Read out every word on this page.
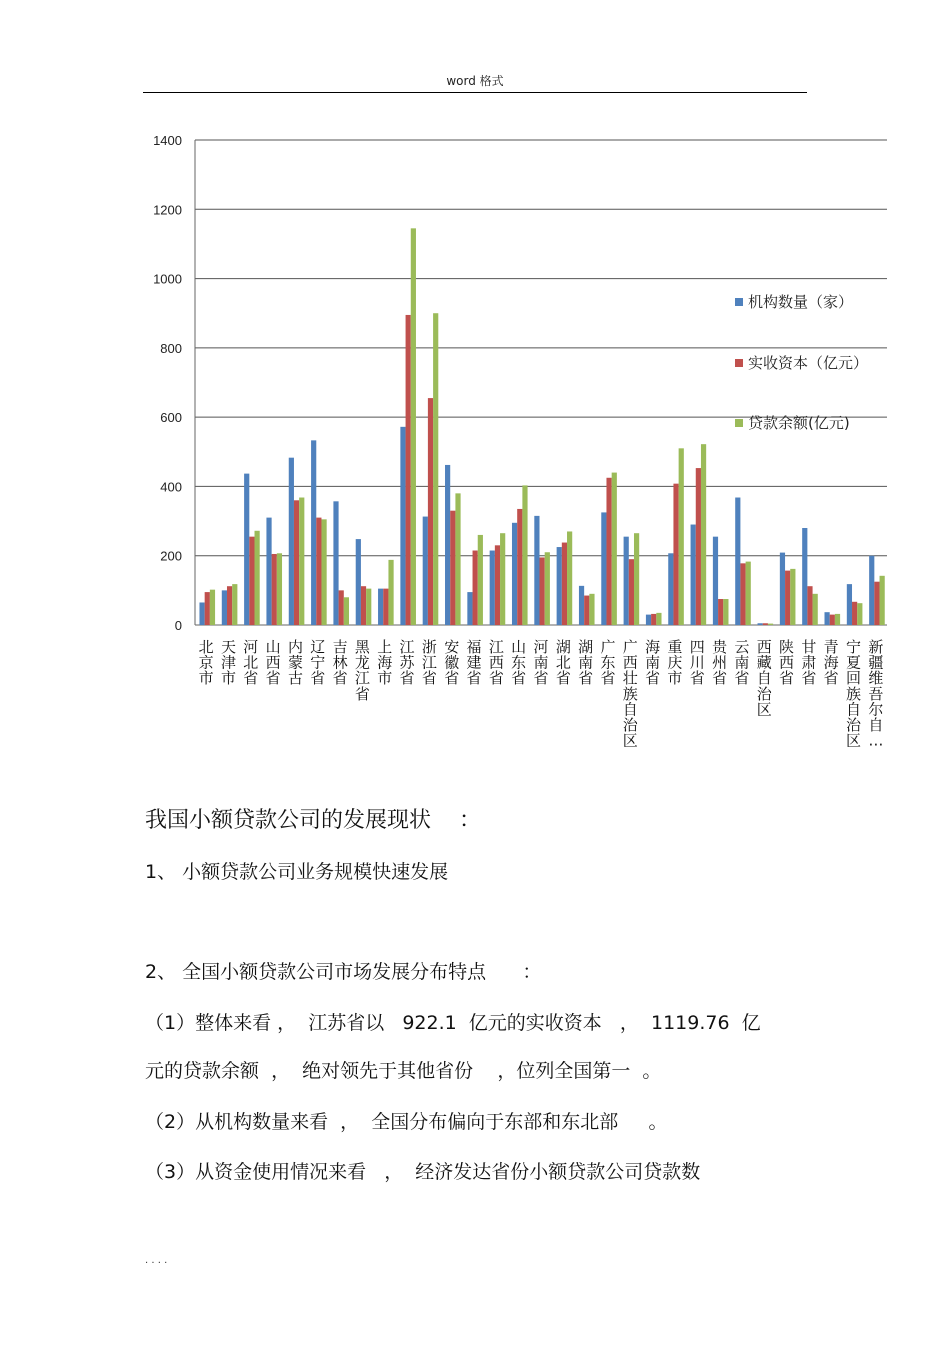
word 格式
0
200
400
600
800
1000
1200
1400
北京市
天津市
河北省
山西省
内蒙古
辽宁省
吉林省
黑龙江省
上海市
江苏省
浙江省
安徽省
福建省
江西省
山东省
河南省
湖北省
湖南省
广东省
广西壮族自治区
海南省
重庆市
四川省
贵州省
云南省
西藏自治区
陕西省
甘肃省
青海省
宁夏回族自治区
新疆维吾尔自…
机构数量（家）
实收资本（亿元）
贷款余额(亿元)
我国小额贷款公司的发展现状    ：
1、 小额贷款公司业务规模快速发展
2、 全国小额贷款公司市场发展分布特点      ：
（1）整体来看 ，  江苏省以   922.1  亿元的实收资本   ，  1119.76  亿
元的贷款余额  ，  绝对领先于其他省份    ，位列全国第一  。
（2）从机构数量来看  ，  全国分布偏向于东部和东北部     。
（3）从资金使用情况来看   ，  经济发达省份小额贷款公司贷款数
. . . .
